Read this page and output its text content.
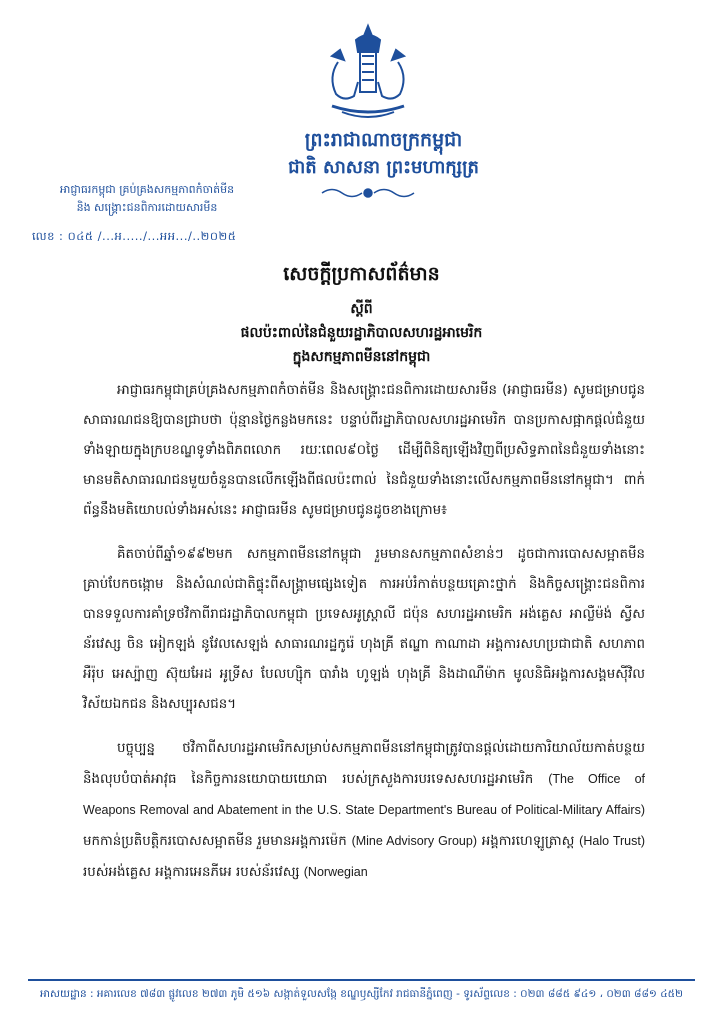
ព្រះរាជាណាចក្រកម្ពុជា
ជាតិ សាសនា ព្រះមហាក្សត្រ
អាជ្ញាធរកម្ពុជា គ្រប់គ្រងសកម្មភាពកំចាត់មីន
និង សង្គ្រោះជនពិការដោយសារមីន
លេខ : ០៤៥ ​/...អ...../...អអ.../..២០២៥
សេចក្តីប្រកាសព័ត៌មាន
ស្តីពី
ផលប៉ះពាល់នៃជំនួយរដ្ឋាភិបាលសហរដ្ឋអាមេរិក
ក្នុងសកម្មភាពមីននៅកម្ពុជា

អាជ្ញាធរកម្ពុជាគ្រប់គ្រងសកម្មភាពកំចាត់មីន និងសង្គ្រោះជនពិការដោយសារមីន (អាជ្ញាធរមីន) សូមជម្រាបជូន សាធារណជនឱ្យបានជ្រាបថា ប៉ុន្មានថ្ងៃកន្លងមកនេះ បន្ទាប់ពីរដ្ឋាភិបាលសហរដ្ឋអាមេរិក បានប្រកាសផ្អាកផ្តល់ជំនួយទាំងឡាយក្នុងក្របខណ្ឌទូទាំងពិភពលោក រយៈពេល៩០ថ្ងៃ ដើម្បីពិនិត្យឡើងវិញពីប្រសិទ្ធភាពនៃជំនួយទាំងនោះ មានមតិសាធារណជនមួយចំនួនបានលើកឡើងពីផលប៉ះពាល់ នៃជំនួយទាំងនោះលើសកម្មភាពមីននៅកម្ពុជា។ ពាក់ព័ន្ធនឹងមតិយោបល់ទាំងអស់នេះ អាជ្ញាធរមីន សូមជម្រាបជូនដូចខាងក្រោម៖

គិតចាប់ពីឆ្នាំ១៩៩២មក សកម្មភាពមីននៅកម្ពុជា រួមមានសកម្មភាពសំខាន់ៗ ដូចជាការបោសសម្អាតមីន គ្រាប់បែកចង្កោម និងសំណល់ជាតិផ្ទុះពីសង្គ្រាមផ្សេងទៀត ការអប់រំកាត់បន្ថយគ្រោះថ្នាក់ និងកិច្ចសង្គ្រោះជនពិការ បានទទួលការគាំទ្រថវិកាពីរាជរដ្ឋាភិបាលកម្ពុជា ប្រទេសអូស្ត្រាលី ជប៉ុន សហរដ្ឋអាមេរិក អង់គ្លេស អាល្លឺម៉ង់ ស្វីស ន័រវេស្ស ចិន អៀកឡង់ នូវែលសេឡង់ សាធារណរដ្ឋកូរ៉េ ហុងគ្រី ឥណ្ឌា កាណាដា អង្គការសហប្រជាជាតិ សហភាពអឺរ៉ុប អេស្ប៉ាញ ស៊ុយអែដ អូទ្រីស បែលហ្ស៊ិក បារាំង ហូឡង់ ហុងគ្រី និងដាណឺម៉ាក មូលនិធិអង្គការសង្គមស៊ីវិល វិស័យឯកជន និងសប្បុរសជន។

បច្ចុប្បន្ន ថវិកាពីសហរដ្ឋអាមេរិកសម្រាប់សកម្មភាពមីននៅកម្ពុជាត្រូវបានផ្តល់ដោយការិយាល័យកាត់បន្ថយ និងលុបបំបាត់អាវុធ នៃកិច្ចការនយោបាយយោធា របស់ក្រសួងការបរទេសសហរដ្ឋអាមេរិក (The Office of Weapons Removal and Abatement in the U.S. State Department's Bureau of Political-Military Affairs) មកកាន់ប្រតិបត្តិករបោសសម្អាតមីន រួមមានអង្គការម៉េក (Mine Advisory Group) អង្គការហេឡូត្រាស្ត (Halo Trust) របស់អង់គ្លេស អង្គការអេនភីអេ របស់ន័រវេស្ស (Norwegian

អាសយដ្ឋាន : អគារលេខ ៧៨៣ ផ្លូវលេខ ២៧៣ ភូមិ ៥១៦ សង្កាត់ទួលសង្កែ ខណ្ឌឫស្សីកែវ រាជធានីភ្នំពេញ - ទូរស័ព្ទលេខ : ០២៣ ៨៨៥ ៩៤១ ، ០២៣ ៨៨១ ៤៥២
